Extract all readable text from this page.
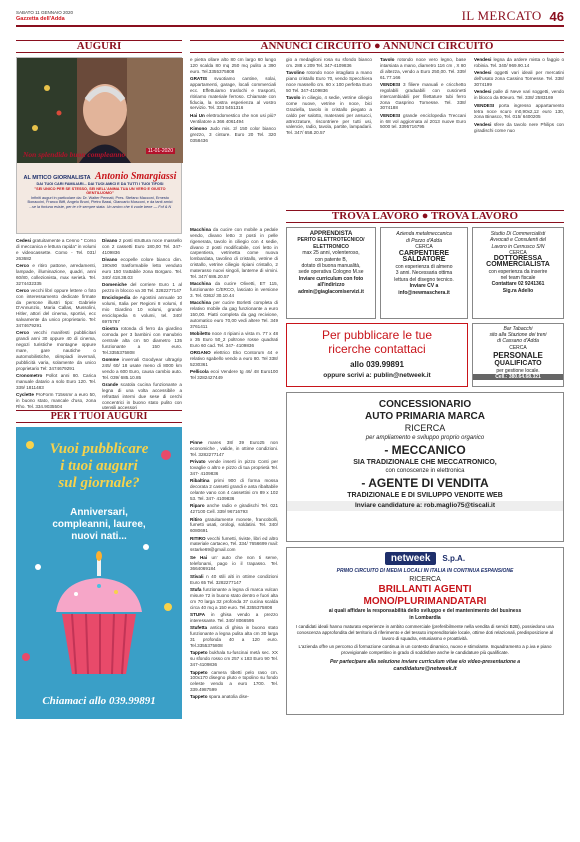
SABATO 11 GENNAIO 2020
Gazzetta dell'Adda	IL MERCATO 46
AUGURI
Non splendido buon compleanno	11-01-2020
AL MITICO GIORNALISTA Antonio Smargiassi
DAI TUOI CARI FAMILIARI... DAI TUOI AMICI E DA TUTTI I TUOI TIFOSI
"SEI UNICO PER SE STESSO, SEI NELL'ANIMA TUA UN VERO E GIUSTO GENTILUOMO"
Infiniti auguri in particolare da: Dr. Walter Pennati, Pres. Stefano Macconi, Ernesto Bonaccini, Franco Biffi, Angelo Bruni, Pietro Bassi, Giancarlo Mosconi, e da tanti amici
...se la fortuna esiste, per te c'è sempre stata. Un amico che ti vuole bene — Fof & N
Cedesi gratuitamente a Cenno " Corso di meccanica e lettura rapida" in volumi e videocassette. Como - Tel. 031/ 263682
Cerco e ritiro pattone, arredamenti, lampade, illuminazione, quadri, anni 60/80, collezionista, max serietà. Tel. 3274432335
Cerco vecchi libri oppure lettere o foto con interessamento dedicate firmate da persone illustri tipo: Gabriele D'Annunzio, Maria Callas, Mussolini, Hitler, attori del cinema, sportivi, ecc salvamente da unico proprietario. Tel: 3474679291
Cerco vecchi manifesti pubblicitari grandi anni 30 oppure 40 di cinema, negozi turistiche montagne oppure mare, gare nautiche o automobilistiche, olimpiadi invernali, pubblicità varia, solamente da unico proprietario Tel: 3474679291
Cronometro Pollot anni 80. Carica manuale datario a solo Euro 120. Tel. 339/ 1811483
Cyclette ProForm 715ssmr a euro 50, in buono stato, mancale d'uso, zona Rho. Tel. 334.9035504
Divano 2 posti struttura noce massello con 2 cassetti Euro 180,00 Tel. 347- 4109836
Divano ecopelle colore bianco dim. 190x90 trasformabile letto venduto euro 150 trattabile zona Borgaro. Tel. 340/ 418.38.03
Domeniche del corriere Euro 1 al pezzo in blocco va 30 Tel. 3282277147
Enciclopedia de Agostini annuale 10 volumi, Italia per Regioni 8 volumi, Il mio Giardino 10 volumi, grande enciclopedia 6 volumi, tel. 340/ 6975767
Giostra rotonda di ferro da giardino comoda per 3 bambini con manubrio centrale alta cm 50 diametro 135 funzionante a 150 euro. Tel.3355375808
Gomme invernali Goodyear ultragrip 245/ 60/ 18 usate meno di 8000 km vendo a 600 Euro, causa cambio auto. Tel. 039/ 685.10.85
Grande scatola cucina funzionante a legna di una volta accessibile a refrattari interni due sese di cerchi concentrici in buono stato pulito con utensili accessori
PER I TUOI AUGURI
Vuoi pubblicare
i tuoi auguri
sul giornale?
Anniversari,
compleanni, lauree,
nuovi nati...
Chiamaci allo 039.99891
ANNUNCI CIRCUITO ● ANNUNCI CIRCUITO
e pietra ollare alto 80 cm largo 60 lungo 120 scalda 80 mq 250 mq pulito a 390 euro. Tel.3355375808
GRATIS svuotiamo cantine, solai, appartamenti, garage, locali commerciali ecc. Effettuiamo traslochi e trasporti, ritiriamo materiale ferroso. Chiamate con fiducia, la nostra esperienza al vostro servizio. Tel. 333 5451316
Hai Un elettrodomestico che non usi più? Ventilatore a 366 4061494
Kimono Judo mis. 2/ 150 color bianco grezzo, 3 cinture. Euro 20 Tel. 320 0358436
Macchina da cucire con mobile a pedale vendo, divano letto 3 posti in pelle rigenerata, tavolo in ciliegio con 4 sedie, divano 2 posti modificabile, cori letto in carpentiera, vetrinetta come nuova lombardata, tavolino di cristallo, vetrine di cristallo, vetrine ciliegio ripiani cristallo, 2 materasso nuovi singoli, lanterne di vimini. Tel. 347/ 686.20.57
Macchina da cucire Olivetti, ET 115, funzionante C/ERCO, lasciato in versione 3. Tel. 0362/ 30.10.44
Macchina per cucire Borletti completa di relativo mobile da gag funzionante a euro 150,00. Piatti completa da gag recivione, automatico euro 70,00 vedi altere Tel. 349 3761411
Mobiletto noce 4 ripiani a vista m. 77 x 48 x 35 Euro 50_2 poltrone rosse quadrati Euro 60 cad. Tel. 347- 4109836
ORGANO elettrico Eko Contorum 44 e relativo sgabello vendo a euro 80. Tel 338/ 5230361
Pellicola ecoi Vendere tg 46/ 48 Euro100 Tel 3282427449
gio a medaglioni rosa su sfondo bianco cm. 288 x 209 Tel. 347-4109836
Tavolino rotondo noce intagliato a mano piano cristallo Euro 70, vendo Specchiera noce massello cm. 60 x 100 perfetta Euro 50 Tel. 347-4109836
Tavolo in ciliegio, 4 sedie, vetrine ciliegio come nuove, vetrine in noce, bici Graziella, tavolo in cristallo piegato a caldo per salotto, materassi per ansucci, attrezzature, riscontriere per tutti usi, valencie, radio, tavola, partite, lampadarii. Tel. 347/ 658.20.57
Tavolo rotondo noce vero legno, base intarsiata a mano, diametro 116 cm , X 80 di altezza, vendo a Euro 250,00. Tel. 339/ 61.77.166
VENDESI 3 filiere manuali e cricchetto regolabili graduabili con cuscinetti intercambiabili per filettature tubi ferro zona Gasprino Tornesse. Tel. 338/ 3074188
VENDESI grande enciclopedia Treccani in 68 vol aggiornata al 2013 nuove Euro 5000 tel. 3395716795
Vendesi legna da ardere mista o faggio o robinia. Tel. 340/ 969.90.14
Vendesi oggetti vari ideali per mercatini dell'usato zona Cassino Tornesse. Tel. 338/ 3074199
Vendesi palle di Neve vari soggetti, vendo in blocco da 80euro. Tel. 338/ 2583169
VENDESI porta ingresso appartamento tetra noce scuro m0,90x2,12 euro 130, zona Binasco, Tel. 015/ 6400205
Vendesi sfere da tavolo nere Philips con giradischi come nuo
Pinne mares 38/ 39 Euro25 non economiche , valide, in ottime condizioni. Tel. 3282277147
Privato vende inserti in pizzo Conti per tovaglie o altro e pizzo di tua proprietà Tel. 347- 4109836
Ribaltina primi 900 di forma mossa decorata 2 cassetti grandi e anta ribaltabile celante vano con 4 cassettini cm 89 x 102 53. Tel. 347- 4109836
Riparo anche radio e giradischi Tel. 021 427100 Cell. 339/ 96716793
Ritiro gratuitamente monete, francobolli, fumetti usati, orologi, soldatini. Tel. 340/ 6080691
RITIRO vecchi fumetti, riviste, libri ed altro materiale cartaceo, Tel. 334/ 7656699 mail: sstarke69@gmail.com
Se Hai un' auto che non ti serve, telefonami, pago io il trapasso. Tel. 3664069184
Stivali n 40 stili alti in ottime condizioni Euro 65 Tel. 3282277147
Stufa funzionante a legna di marca vulcan misure 72 in buono stato dentro e fuori alta cm 70 larga 32 profonda 37 cucina scalda circa 40 mq a 150 euro. Tel.3355375808
STUFA in ghisa vendo a prezzo interessante. Tel. 340/ 8066595
Stufetta antica di ghisa in buono stato funzionante a legna pulita alta cm 30 larga 31 profonda 40 a 120 euro. Tel.3355375808
Tappeto bukhala tu-fuscinai metà sec. XX su sfondo rosso cm 257 x 183 Euro 90 Tel. 347-4109836
Tappeto camera tibetti pelo raso cm. 100x170 disegno pluto e topolino su fondo celeste vendo a euro 1700. Tel. 339.4987599
Tappeto spara anatolia dise-
TROVA LAVORO ● TROVA LAVORO
APPRENDISTA
PERITO ELETTROTECNICO/ ELETTRONICO
max 25 anni, volenteroso,
con patente B,
dotato di buona manualità,
sede operativa Cologno M.se
Inviare curriculum con foto
all'indirizzo
admin@giaglacomiservizi.it
Azienda metalmeccanica
di Pozzo d'Adda
CERCA
CARPENTIERE
SALDATORE
con esperienza di almeno
3 anni. Necessaria ottima
lettura del disegno tecnico.
Inviare CV a
info@newmaschera.it
Studio Di Commercialisti
Avvocati e Consulenti del
Lavoro in Cernusco S/N
CERCA
DOTTORESSA
COMMERCIALISTA
con esperienza da inserire
nel team fiscale
Contattare 02 9241361
Sig.ra Adelio
Per pubblicare le tue
ricerche contattaci
allo 039.99891
oppure scrivi a: publin@netweek.it
Bar Tabacchi
sito alla Stazione dei treni
di Cassano d'Adda
CERCA
PERSONALE
QUALIFICATO
per gestione locale.
Cell.: 380.64.68.321
CONCESSIONARIO
AUTO PRIMARIA MARCA
RICERCA
per ampliamento e sviluppo proprio organico
- MECCANICO
SIA TRADIZIONALE CHE MECCATRONICO,
con conoscenze in elettronica
- AGENTE DI VENDITA
TRADIZIONALE E DI SVILUPPO VENDITE WEB
Inviare candidature a: rob.maglio75@tiscali.it
netweek	S.p.A.
PRIMO CIRCUITO DI MEDIA LOCALI IN ITALIA IN CONTINUA ESPANSIONE
RICERCA
BRILLANTI AGENTI
MONO/PLURIMANDATARI
ai quali affidare la responsabilità dello sviluppo e del mantenimento del business
in Lombardia
I candidati ideali hanno maturato esperienze in ambito commerciale (preferibilmente nella vendita di servizi B2B), possiedono una conoscenza approfondita del territorio di riferimento e del tessuto imprenditoriale locale, ottime doti relazionali, predisposizione al lavoro di squadra, entusiasmo e proattività.
L'azienda offre un percorso di formazione continua in un contesto dinamico, nuovo e stimolante. Inquadramento a p.iva e piano provvigionale competitivo in grado di soddisfare anche le candidature più qualificate.
Per partecipare alla selezione inviare curriculum vitae e/o video-presentazione a
candidature@netweek.it
